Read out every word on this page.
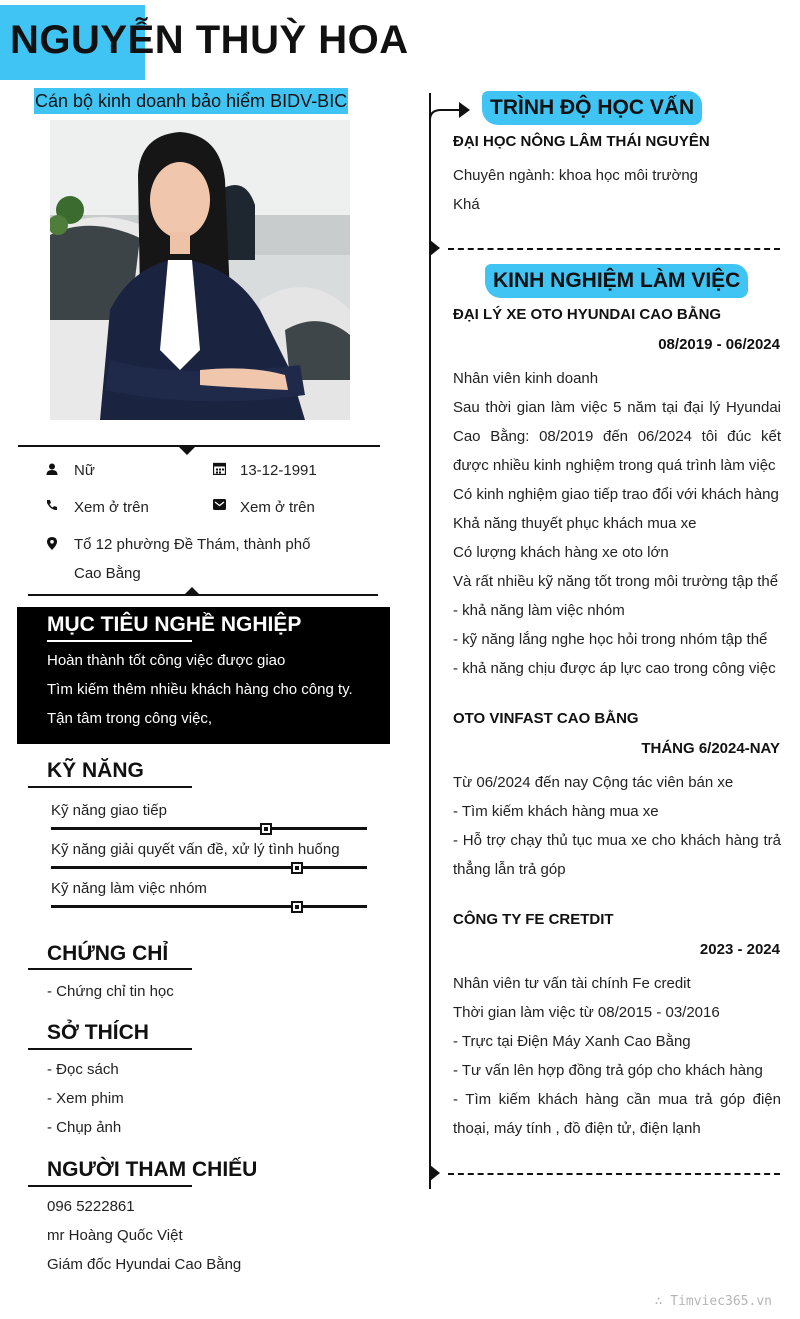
NGUYỄN THUỲ HOA
Cán bộ kinh doanh bảo hiểm BIDV-BIC
Nữ	13-12-1991
Xem ở trên	Xem ở trên
Tổ 12 phường Đề Thám, thành phố
Cao Bằng
MỤC TIÊU NGHỀ NGHIỆP
Hoàn thành tốt công việc được giao
Tìm kiếm thêm nhiều khách hàng cho công ty.
Tận tâm trong công việc,
KỸ NĂNG
Kỹ năng giao tiếp
Kỹ năng giải quyết vấn đề, xử lý tình huống
Kỹ năng làm việc nhóm
CHỨNG CHỈ
- Chứng chỉ tin học
SỞ THÍCH
- Đọc sách
- Xem phim
- Chụp ảnh
NGƯỜI THAM CHIẾU
096 5222861
mr Hoàng Quốc Việt
Giám đốc Hyundai Cao Bằng
TRÌNH ĐỘ HỌC VẤN
ĐẠI HỌC NÔNG LÂM THÁI NGUYÊN
Chuyên ngành: khoa học môi trường
Khá
KINH NGHIỆM LÀM VIỆC
ĐẠI LÝ XE OTO HYUNDAI CAO BẰNG
08/2019 - 06/2024
Nhân viên kinh doanh
Sau thời gian làm việc 5 năm tại đại lý Hyundai
Cao Bằng: 08/2019 đến 06/2024 tôi đúc kết
được nhiều kinh nghiệm trong quá trình làm việc
Có kinh nghiệm giao tiếp trao đổi với khách hàng
Khả năng thuyết phục khách mua xe
Có lượng khách hàng xe oto lớn
Và rất nhiều kỹ năng tốt trong môi trường tập thể
- khả năng làm việc nhóm
- kỹ năng lắng nghe học hỏi trong nhóm tập thể
- khả năng chịu được áp lực cao trong công việc
OTO VINFAST CAO BẰNG
THÁNG 6/2024-NAY
Từ 06/2024 đến nay Cộng tác viên bán xe
- Tìm kiếm khách hàng mua xe
- Hỗ trợ chạy thủ tục mua xe cho khách hàng trả
thẳng lẫn trả góp
CÔNG TY FE CRETDIT
2023 - 2024
Nhân viên tư vấn tài chính Fe credit
Thời gian làm việc từ 08/2015 - 03/2016
- Trực tại Điện Máy Xanh Cao Bằng
- Tư vấn lên hợp đồng trả góp cho khách hàng
- Tìm kiếm khách hàng cần mua trả góp điện
thoại, máy tính , đồ điện tử, điện lạnh
∴ Timviec365.vn
